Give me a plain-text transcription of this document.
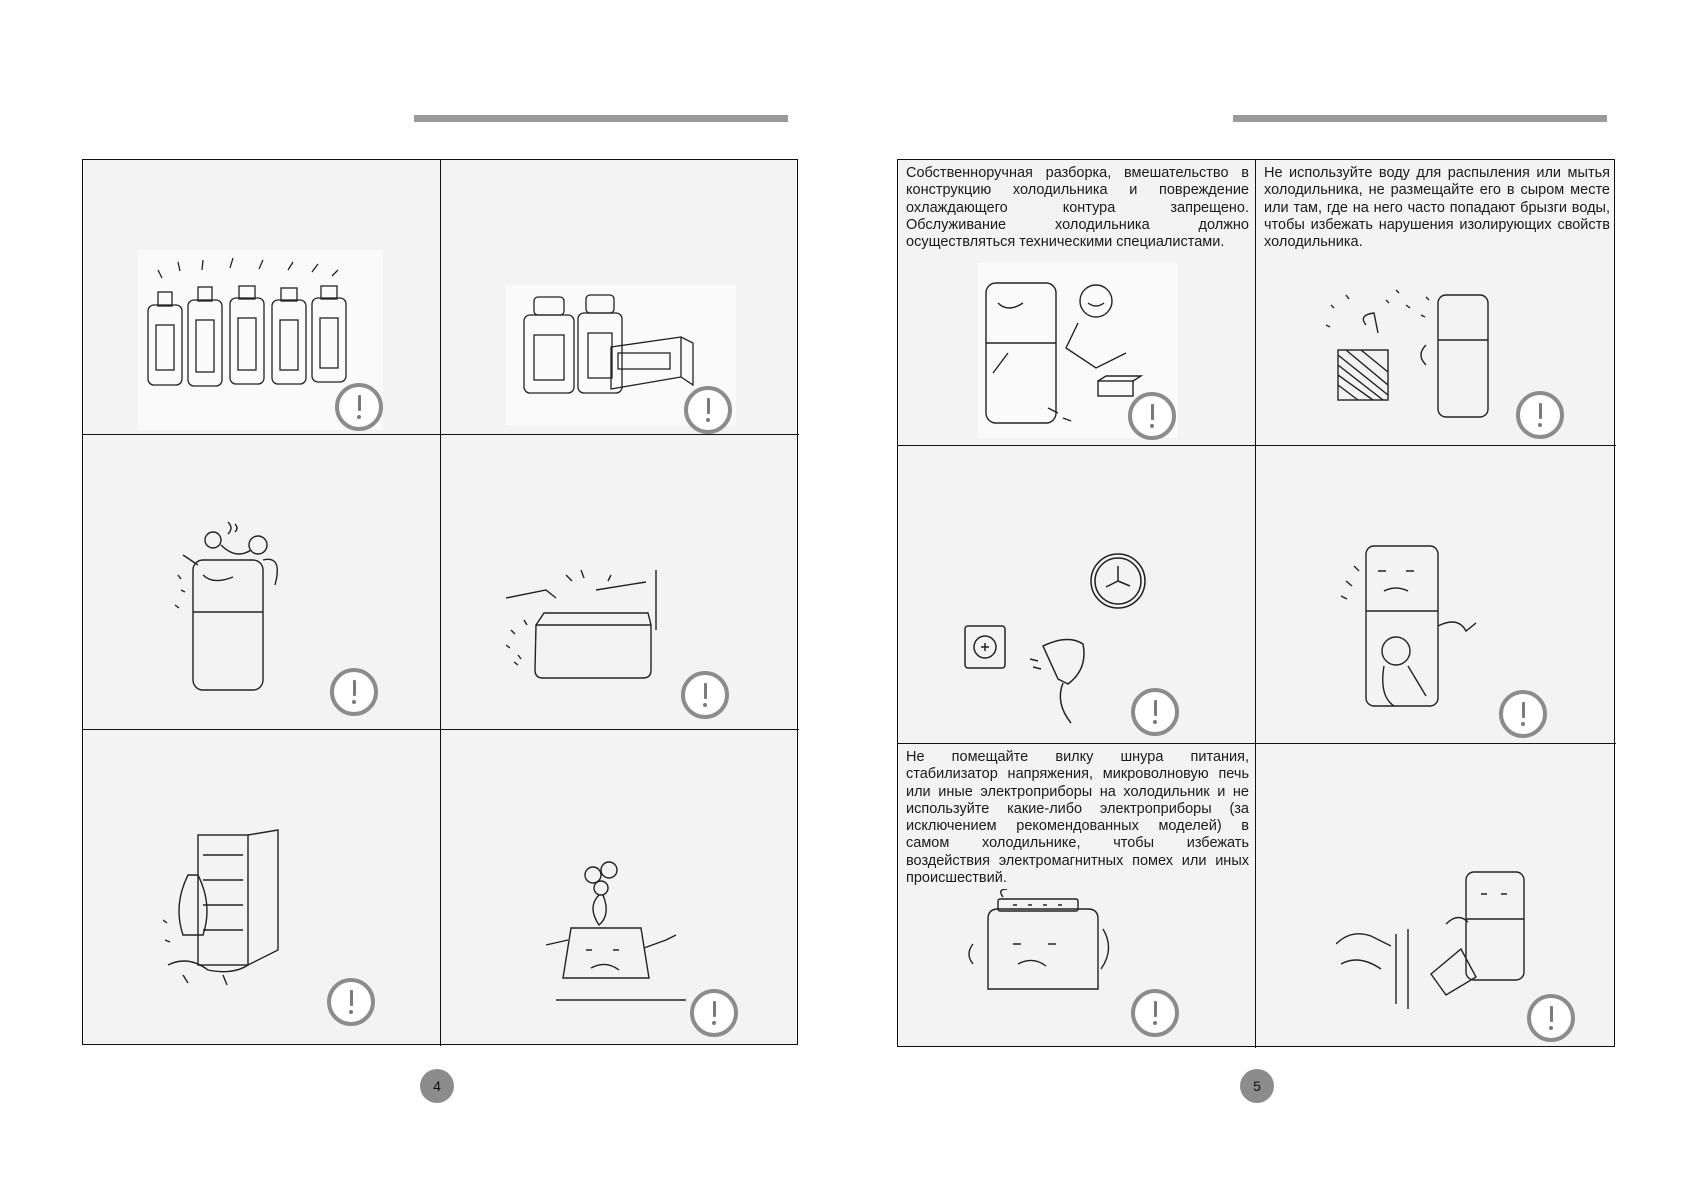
4
Собственноручная разборка, вмешательство в конструкцию холодильника и повреждение охлаждающего контура запрещено. Обслуживание холодильника должно осуществляться техническими специалистами.
Не используйте воду для распыления или мытья холодильника, не размещайте его в сыром месте или там, где на него часто попадают брызги воды, чтобы избежать нарушения изолирующих свойств холодильника.
Не помещайте вилку шнура питания, стабилизатор напряжения, микроволновую печь или иные электроприборы на холодильник и не используйте какие-либо электроприборы (за исключением рекомендованных моделей) в самом холодильнике, чтобы избежать воздействия электромагнитных помех или иных происшествий.
5
